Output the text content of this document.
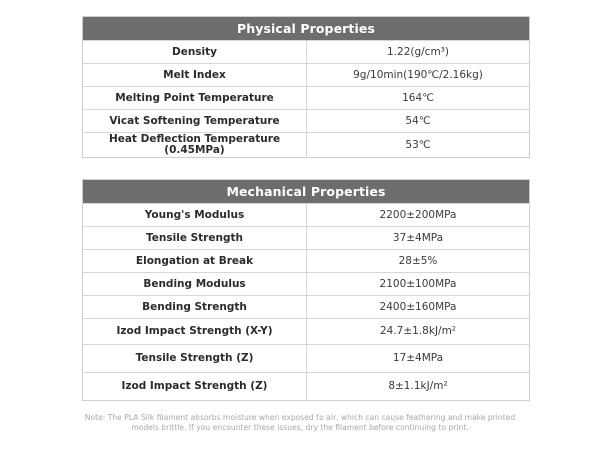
Physical Properties
Density	1.22(g/cm³)
Melt Index	9g/10min(190℃/2.16kg)
Melting Point Temperature	164℃
Vicat Softening Temperature	54℃
Heat Deflection Temperature
(0.45MPa)	53℃
Mechanical Properties
Young's Modulus	2200±200MPa
Tensile Strength	37±4MPa
Elongation at Break	28±5%
Bending Modulus	2100±100MPa
Bending Strength	2400±160MPa
Izod Impact Strength (X-Y)	24.7±1.8kJ/m²
Tensile Strength (Z)	17±4MPa
Izod Impact Strength (Z)	8±1.1kJ/m²
Note: The PLA Silk filament absorbs moisture when exposed to air, which can cause feathering and make printed models brittle. If you encounter these issues, dry the filament before continuing to print.
